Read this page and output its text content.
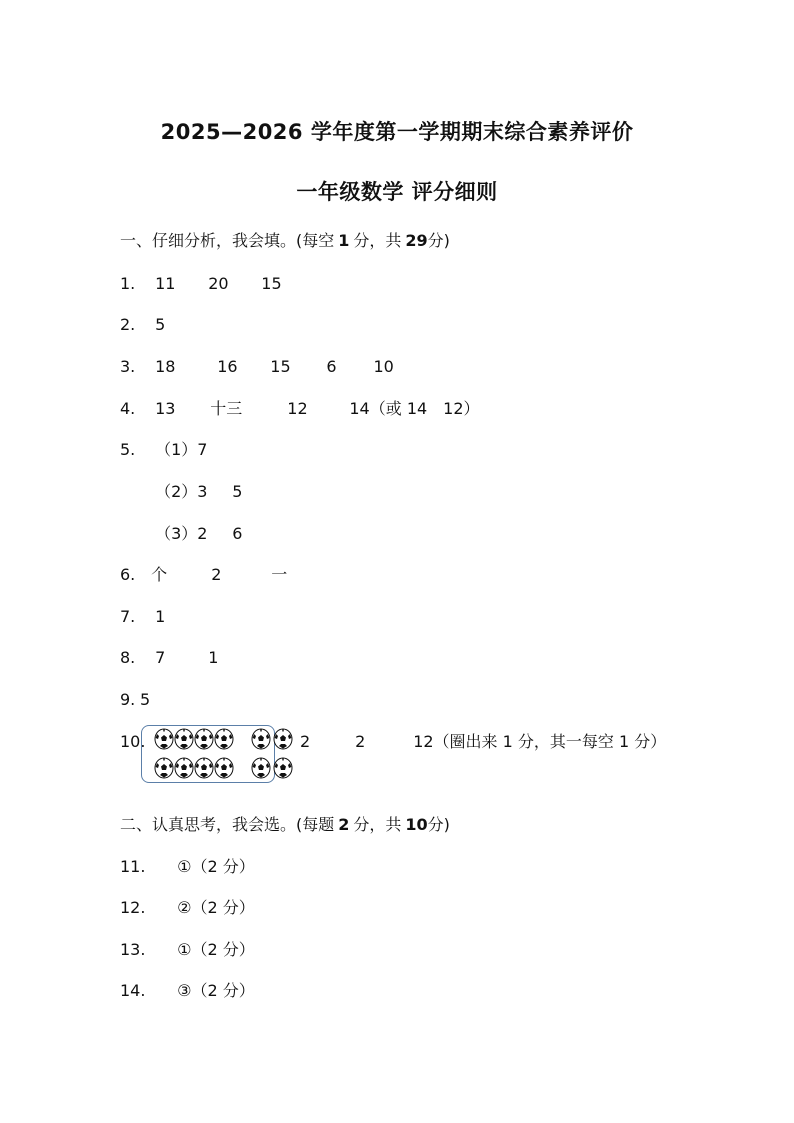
2025—2026 学年度第一学期期末综合素养评价
一年级数学 评分细则
一、仔细分析，我会填。(每空 1 分，共 29分)
1. 11 20 15
2. 5
3. 18	16 15 6 10
4. 13 十三	12	14（或 14　12）
5. （1）7
（2）3 5
（3）2 6
6. 个	2	一
7. 1
8. 7	1
9. 5
10.	2	2	12（圈出来 1 分，其一每空 1 分）
二、认真思考，我会选。(每题 2 分，共 10分)
11. ①（2 分）
12. ②（2 分）
13. ①（2 分）
14. ③（2 分）
